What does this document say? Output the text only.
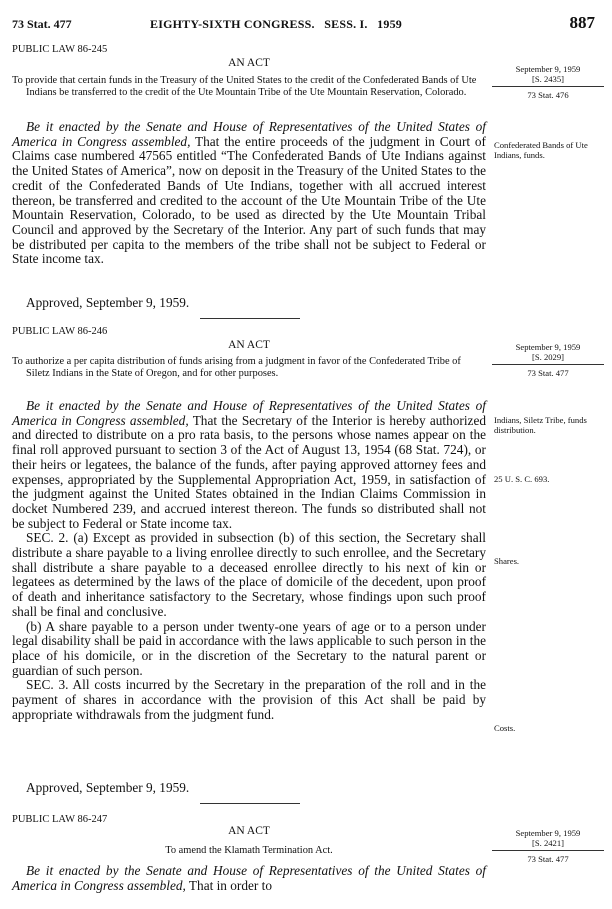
73 Stat. 477	EIGHTY-SIXTH CONGRESS.   SESS. I.   1959	887
PUBLIC LAW 86-245
AN ACT
To provide that certain funds in the Treasury of the United States to the credit of the Confederated Bands of Ute Indians be transferred to the credit of the Ute Mountain Tribe of the Ute Mountain Reservation, Colorado.
September 9, 1959
[S. 2435]
73 Stat. 476

Be it enacted by the Senate and House of Representatives of the United States of America in Congress assembled, That the entire proceeds of the judgment in Court of Claims case numbered 47565 entitled “The Confederated Bands of Ute Indians against the United States of America”, now on deposit in the Treasury of the United States to the credit of the Confederated Bands of Ute Indians, together with all accrued interest thereon, be transferred and credited to the account of the Ute Mountain Tribe of the Ute Mountain Reservation, Colorado, to be used as directed by the Ute Mountain Tribal Council and approved by the Secretary of the Interior. Any part of such funds that may be distributed per capita to the members of the tribe shall not be subject to Federal or State income tax.

Confederated Bands of Ute Indians, funds.
Approved, September 9, 1959.
PUBLIC LAW 86-246
AN ACT
To authorize a per capita distribution of funds arising from a judgment in favor of the Confederated Tribe of Siletz Indians in the State of Oregon, and for other purposes.
September 9, 1959
[S. 2029]
73 Stat. 477

Be it enacted by the Senate and House of Representatives of the United States of America in Congress assembled, That the Secretary of the Interior is hereby authorized and directed to distribute on a pro rata basis, to the persons whose names appear on the final roll approved pursuant to section 3 of the Act of August 13, 1954 (68 Stat. 724), or their heirs or legatees, the balance of the funds, after paying approved attorney fees and expenses, appropriated by the Supplemental Appropriation Act, 1959, in satisfaction of the judgment against the United States obtained in the Indian Claims Commission in docket Numbered 239, and accrued interest thereon. The funds so distributed shall not be subject to Federal or State income tax.

SEC. 2. (a) Except as provided in subsection (b) of this section, the Secretary shall distribute a share payable to a living enrollee directly to such enrollee, and the Secretary shall distribute a share payable to a deceased enrollee directly to his next of kin or legatees as determined by the laws of the place of domicile of the decedent, upon proof of death and inheritance satisfactory to the Secretary, whose findings upon such proof shall be final and conclusive.

(b) A share payable to a person under twenty-one years of age or to a person under legal disability shall be paid in accordance with the laws applicable to such person in the place of his domicile, or in the discretion of the Secretary to the natural parent or guardian of such person.

SEC. 3. All costs incurred by the Secretary in the preparation of the roll and in the payment of shares in accordance with the provision of this Act shall be paid by appropriate withdrawals from the judgment fund.

Indians, Siletz Tribe, funds distribution.
25 U. S. C. 693.
Shares.
Costs.
Approved, September 9, 1959.
PUBLIC LAW 86-247
AN ACT
To amend the Klamath Termination Act.
September 9, 1959
[S. 2421]
73 Stat. 477

Be it enacted by the Senate and House of Representatives of the United States of America in Congress assembled, That in order to
